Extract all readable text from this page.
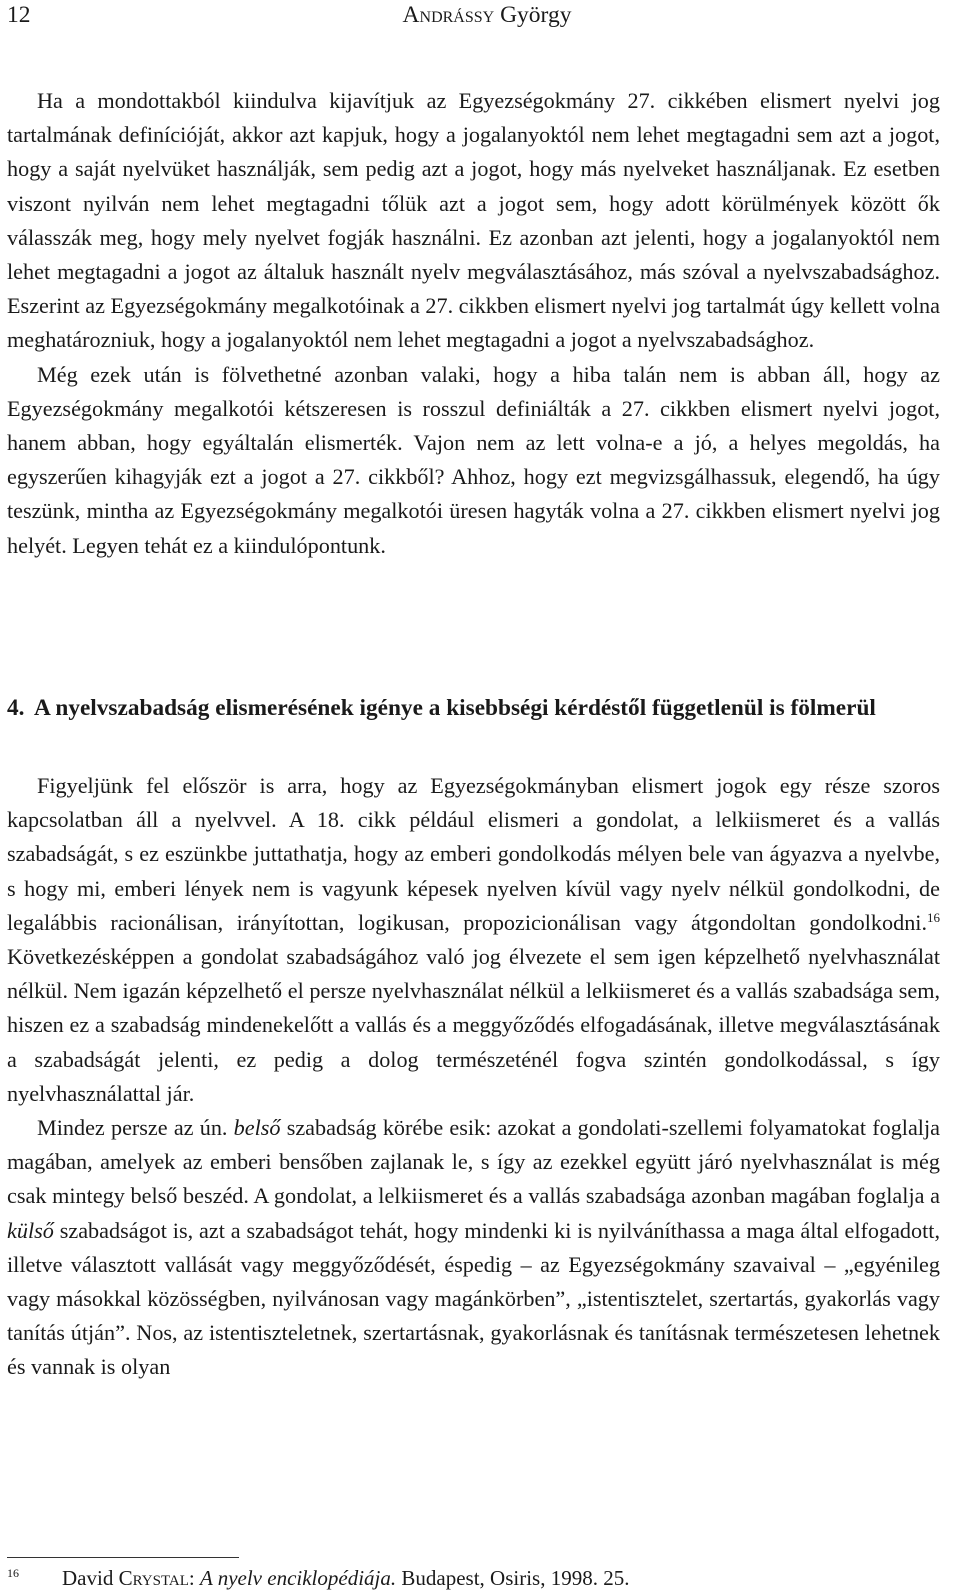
12	Andrássy György

Ha a mondottakból kiindulva kijavítjuk az Egyezségokmány 27. cikkében elismert nyelvi jog tartalmának definícióját, akkor azt kapjuk, hogy a jogalanyoktól nem lehet megtagadni sem azt a jogot, hogy a saját nyelvüket használják, sem pedig azt a jogot, hogy más nyelveket használjanak. Ez esetben viszont nyilván nem lehet megtagadni tőlük azt a jogot sem, hogy adott körülmények között ők válasszák meg, hogy mely nyelvet fogják használni. Ez azonban azt jelenti, hogy a jogalanyoktól nem lehet megtagadni a jogot az általuk használt nyelv megválasztásához, más szóval a nyelvszabadsághoz. Eszerint az Egyezségokmány megalkotóinak a 27. cikkben elismert nyelvi jog tartalmát úgy kellett volna meghatározniuk, hogy a jogalanyoktól nem lehet megtagadni a jogot a nyelvszabadsághoz.

Még ezek után is fölvethetné azonban valaki, hogy a hiba talán nem is abban áll, hogy az Egyezségokmány megalkotói kétszeresen is rosszul definiálták a 27. cikkben elismert nyelvi jogot, hanem abban, hogy egyáltalán elismerték. Vajon nem az lett volna-e a jó, a helyes megoldás, ha egyszerűen kihagyják ezt a jogot a 27. cikkből? Ahhoz, hogy ezt megvizsgálhassuk, elegendő, ha úgy teszünk, mintha az Egyezségokmány megalkotói üresen hagyták volna a 27. cikkben elismert nyelvi jog helyét. Legyen tehát ez a kiindulópontunk.

4. A nyelvszabadság elismerésének igénye a kisebbségi kérdéstől függetlenül is fölmerül

Figyeljünk fel először is arra, hogy az Egyezségokmányban elismert jogok egy része szoros kapcsolatban áll a nyelvvel. A 18. cikk például elismeri a gondolat, a lelkiismeret és a vallás szabadságát, s ez eszünkbe juttathatja, hogy az emberi gondolkodás mélyen bele van ágyazva a nyelvbe, s hogy mi, emberi lények nem is vagyunk képesek nyelven kívül vagy nyelv nélkül gondolkodni, de legalábbis racionálisan, irányítottan, logikusan, propozicionálisan vagy átgondoltan gondolkodni.$^{16}$ Következésképpen a gondolat szabadságához való jog élvezete el sem igen képzelhető nyelvhasználat nélkül. Nem igazán képzelhető el persze nyelvhasználat nélkül a lelkiismeret és a vallás szabadsága sem, hiszen ez a szabadság mindenekelőtt a vallás és a meggyőződés elfogadásának, illetve megválasztásának a szabadságát jelenti, ez pedig a dolog természeténél fogva szintén gondolkodással, s így nyelvhasználattal jár.

Mindez persze az ún. belső szabadság körébe esik: azokat a gondolati-szellemi folyamatokat foglalja magában, amelyek az emberi bensőben zajlanak le, s így az ezekkel együtt járó nyelvhasználat is még csak mintegy belső beszéd. A gondolat, a lelkiismeret és a vallás szabadsága azonban magában foglalja a külső szabadságot is, azt a szabadságot tehát, hogy mindenki ki is nyilváníthassa a maga által elfogadott, illetve választott vallását vagy meggyőződését, éspedig – az Egyezségokmány szavaival – „egyénileg vagy másokkal közösségben, nyilvánosan vagy magánkörben”, „istentisztelet, szertartás, gyakorlás vagy tanítás útján”. Nos, az istentiszteletnek, szertartásnak, gyakorlásnak és tanításnak természetesen lehetnek és vannak is olyan

16 David Crystal: A nyelv enciklopédiája. Budapest, Osiris, 1998. 25.
